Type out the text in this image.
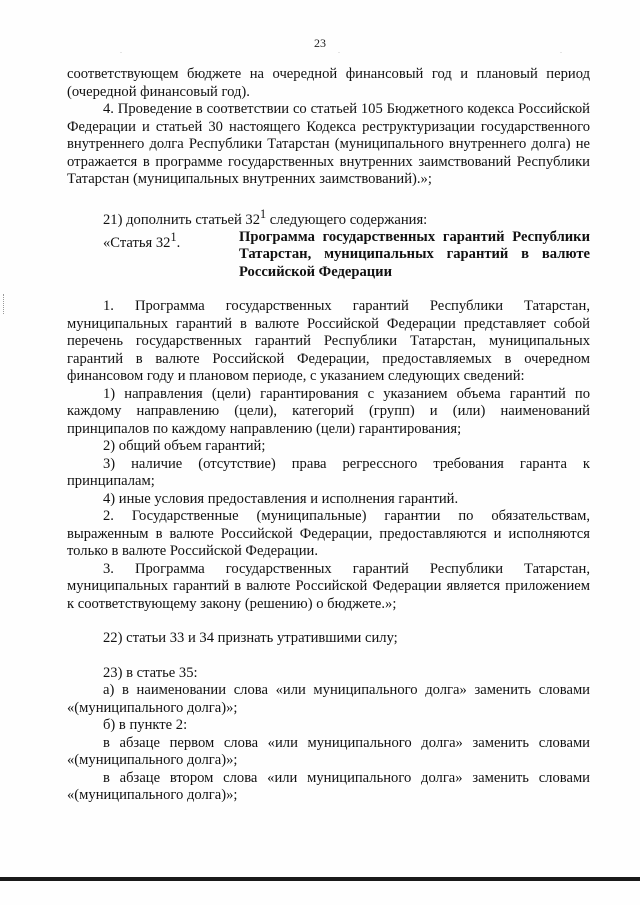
23
.	.	.

соответствующем бюджете на очередной финансовый год и плановый период (очередной финансовый год).

4. Проведение в соответствии со статьей 105 Бюджетного кодекса Российской Федерации и статьей 30 настоящего Кодекса реструктуризации государственного внутреннего долга Республики Татарстан (муниципального внутреннего долга) не отражается в программе государственных внутренних заимствований Республики Татарстан (муниципальных внутренних заимствований).»;

21) дополнить статьей $32^1$ следующего содержания:

«Статья $32^1$.	Программа государственных гарантий Республики Татарстан, муниципальных гарантий в валюте Российской Федерации

1. Программа государственных гарантий Республики Татарстан, муниципальных гарантий в валюте Российской Федерации представляет собой перечень государственных гарантий Республики Татарстан, муниципальных гарантий в валюте Российской Федерации, предоставляемых в очередном финансовом году и плановом периоде, с указанием следующих сведений:

1) направления (цели) гарантирования с указанием объема гарантий по каждому направлению (цели), категорий (групп) и (или) наименований принципалов по каждому направлению (цели) гарантирования;

2) общий объем гарантий;

3) наличие (отсутствие) права регрессного требования гаранта к принципалам;

4) иные условия предоставления и исполнения гарантий.

2. Государственные (муниципальные) гарантии по обязательствам, выраженным в валюте Российской Федерации, предоставляются и исполняются только в валюте Российской Федерации.

3. Программа государственных гарантий Республики Татарстан, муниципальных гарантий в валюте Российской Федерации является приложением к соответствующему закону (решению) о бюджете.»;

22) статьи 33 и 34 признать утратившими силу;

23) в статье 35:

а) в наименовании слова «или муниципального долга» заменить словами «(муниципального долга)»;

б) в пункте 2:

в абзаце первом слова «или муниципального долга» заменить словами «(муниципального долга)»;

в абзаце втором слова «или муниципального долга» заменить словами «(муниципального долга)»;
